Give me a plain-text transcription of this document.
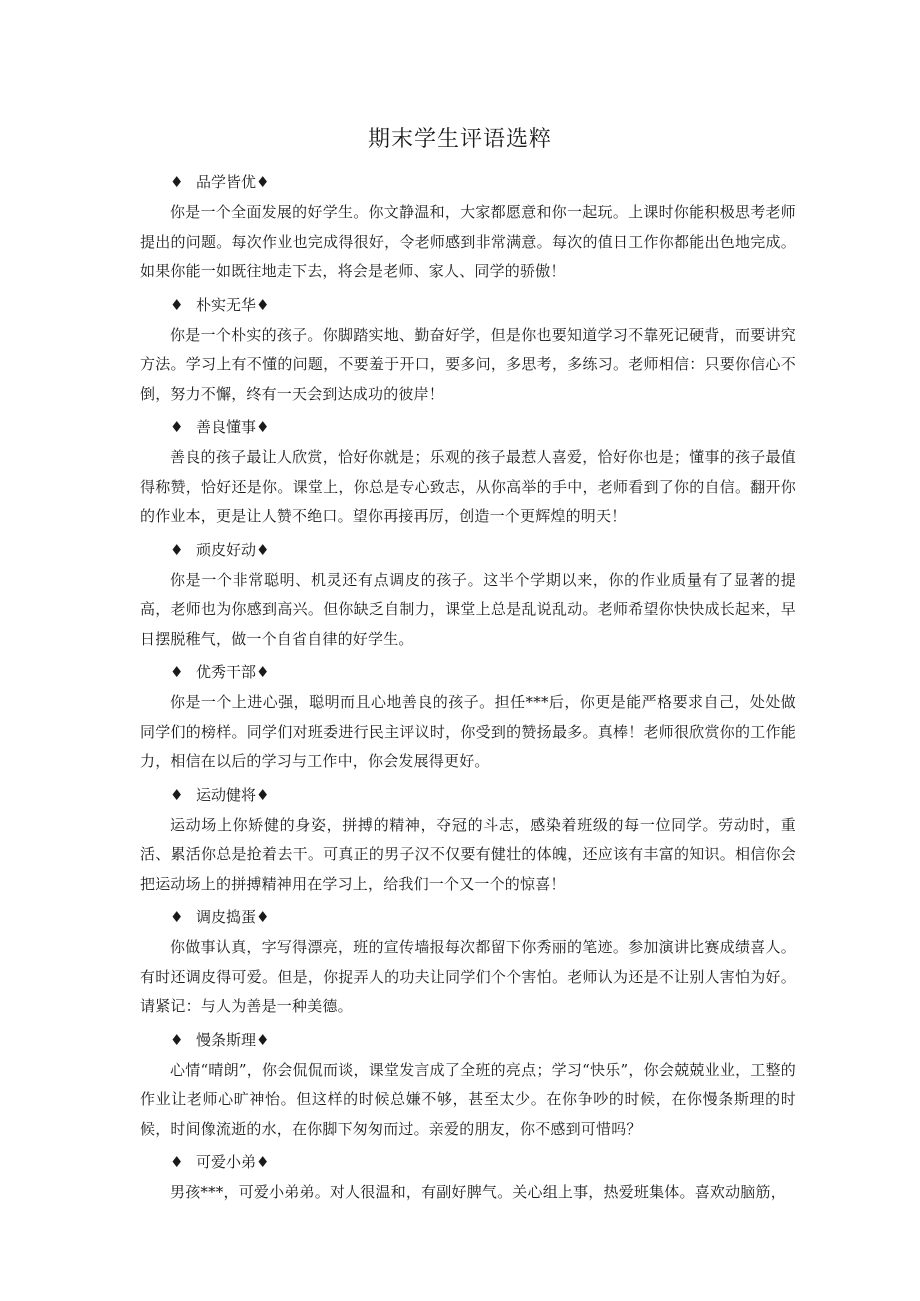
期末学生评语选粹
♦ 品学皆优♦

你是一个全面发展的好学生。你文静温和，大家都愿意和你一起玩。上课时你能积极思考老师提出的问题。每次作业也完成得很好，令老师感到非常满意。每次的值日工作你都能出色地完成。如果你能一如既往地走下去，将会是老师、家人、同学的骄傲！

♦ 朴实无华♦

你是一个朴实的孩子。你脚踏实地、勤奋好学，但是你也要知道学习不靠死记硬背，而要讲究方法。学习上有不懂的问题，不要羞于开口，要多问，多思考，多练习。老师相信：只要你信心不倒，努力不懈，终有一天会到达成功的彼岸！

♦ 善良懂事♦

善良的孩子最让人欣赏，恰好你就是；乐观的孩子最惹人喜爱，恰好你也是；懂事的孩子最值得称赞，恰好还是你。课堂上，你总是专心致志，从你高举的手中，老师看到了你的自信。翻开你的作业本，更是让人赞不绝口。望你再接再厉，创造一个更辉煌的明天！

♦ 顽皮好动♦

你是一个非常聪明、机灵还有点调皮的孩子。这半个学期以来，你的作业质量有了显著的提高，老师也为你感到高兴。但你缺乏自制力，课堂上总是乱说乱动。老师希望你快快成长起来，早日摆脱稚气，做一个自省自律的好学生。

♦ 优秀干部♦

你是一个上进心强，聪明而且心地善良的孩子。担任***后，你更是能严格要求自己，处处做同学们的榜样。同学们对班委进行民主评议时，你受到的赞扬最多。真棒！老师很欣赏你的工作能力，相信在以后的学习与工作中，你会发展得更好。

♦ 运动健将♦

运动场上你矫健的身姿，拼搏的精神，夺冠的斗志，感染着班级的每一位同学。劳动时，重活、累活你总是抢着去干。可真正的男子汉不仅要有健壮的体魄，还应该有丰富的知识。相信你会把运动场上的拼搏精神用在学习上，给我们一个又一个的惊喜！

♦ 调皮捣蛋♦

你做事认真，字写得漂亮，班的宣传墙报每次都留下你秀丽的笔迹。参加演讲比赛成绩喜人。有时还调皮得可爱。但是，你捉弄人的功夫让同学们个个害怕。老师认为还是不让别人害怕为好。请紧记：与人为善是一种美德。

♦ 慢条斯理♦

心情“晴朗”，你会侃侃而谈，课堂发言成了全班的亮点；学习“快乐”，你会兢兢业业，工整的作业让老师心旷神怡。但这样的时候总嫌不够，甚至太少。在你争吵的时候，在你慢条斯理的时候，时间像流逝的水，在你脚下匆匆而过。亲爱的朋友，你不感到可惜吗？

♦ 可爱小弟♦

男孩***，可爱小弟弟。对人很温和，有副好脾气。关心组上事，热爱班集体。喜欢动脑筋，
